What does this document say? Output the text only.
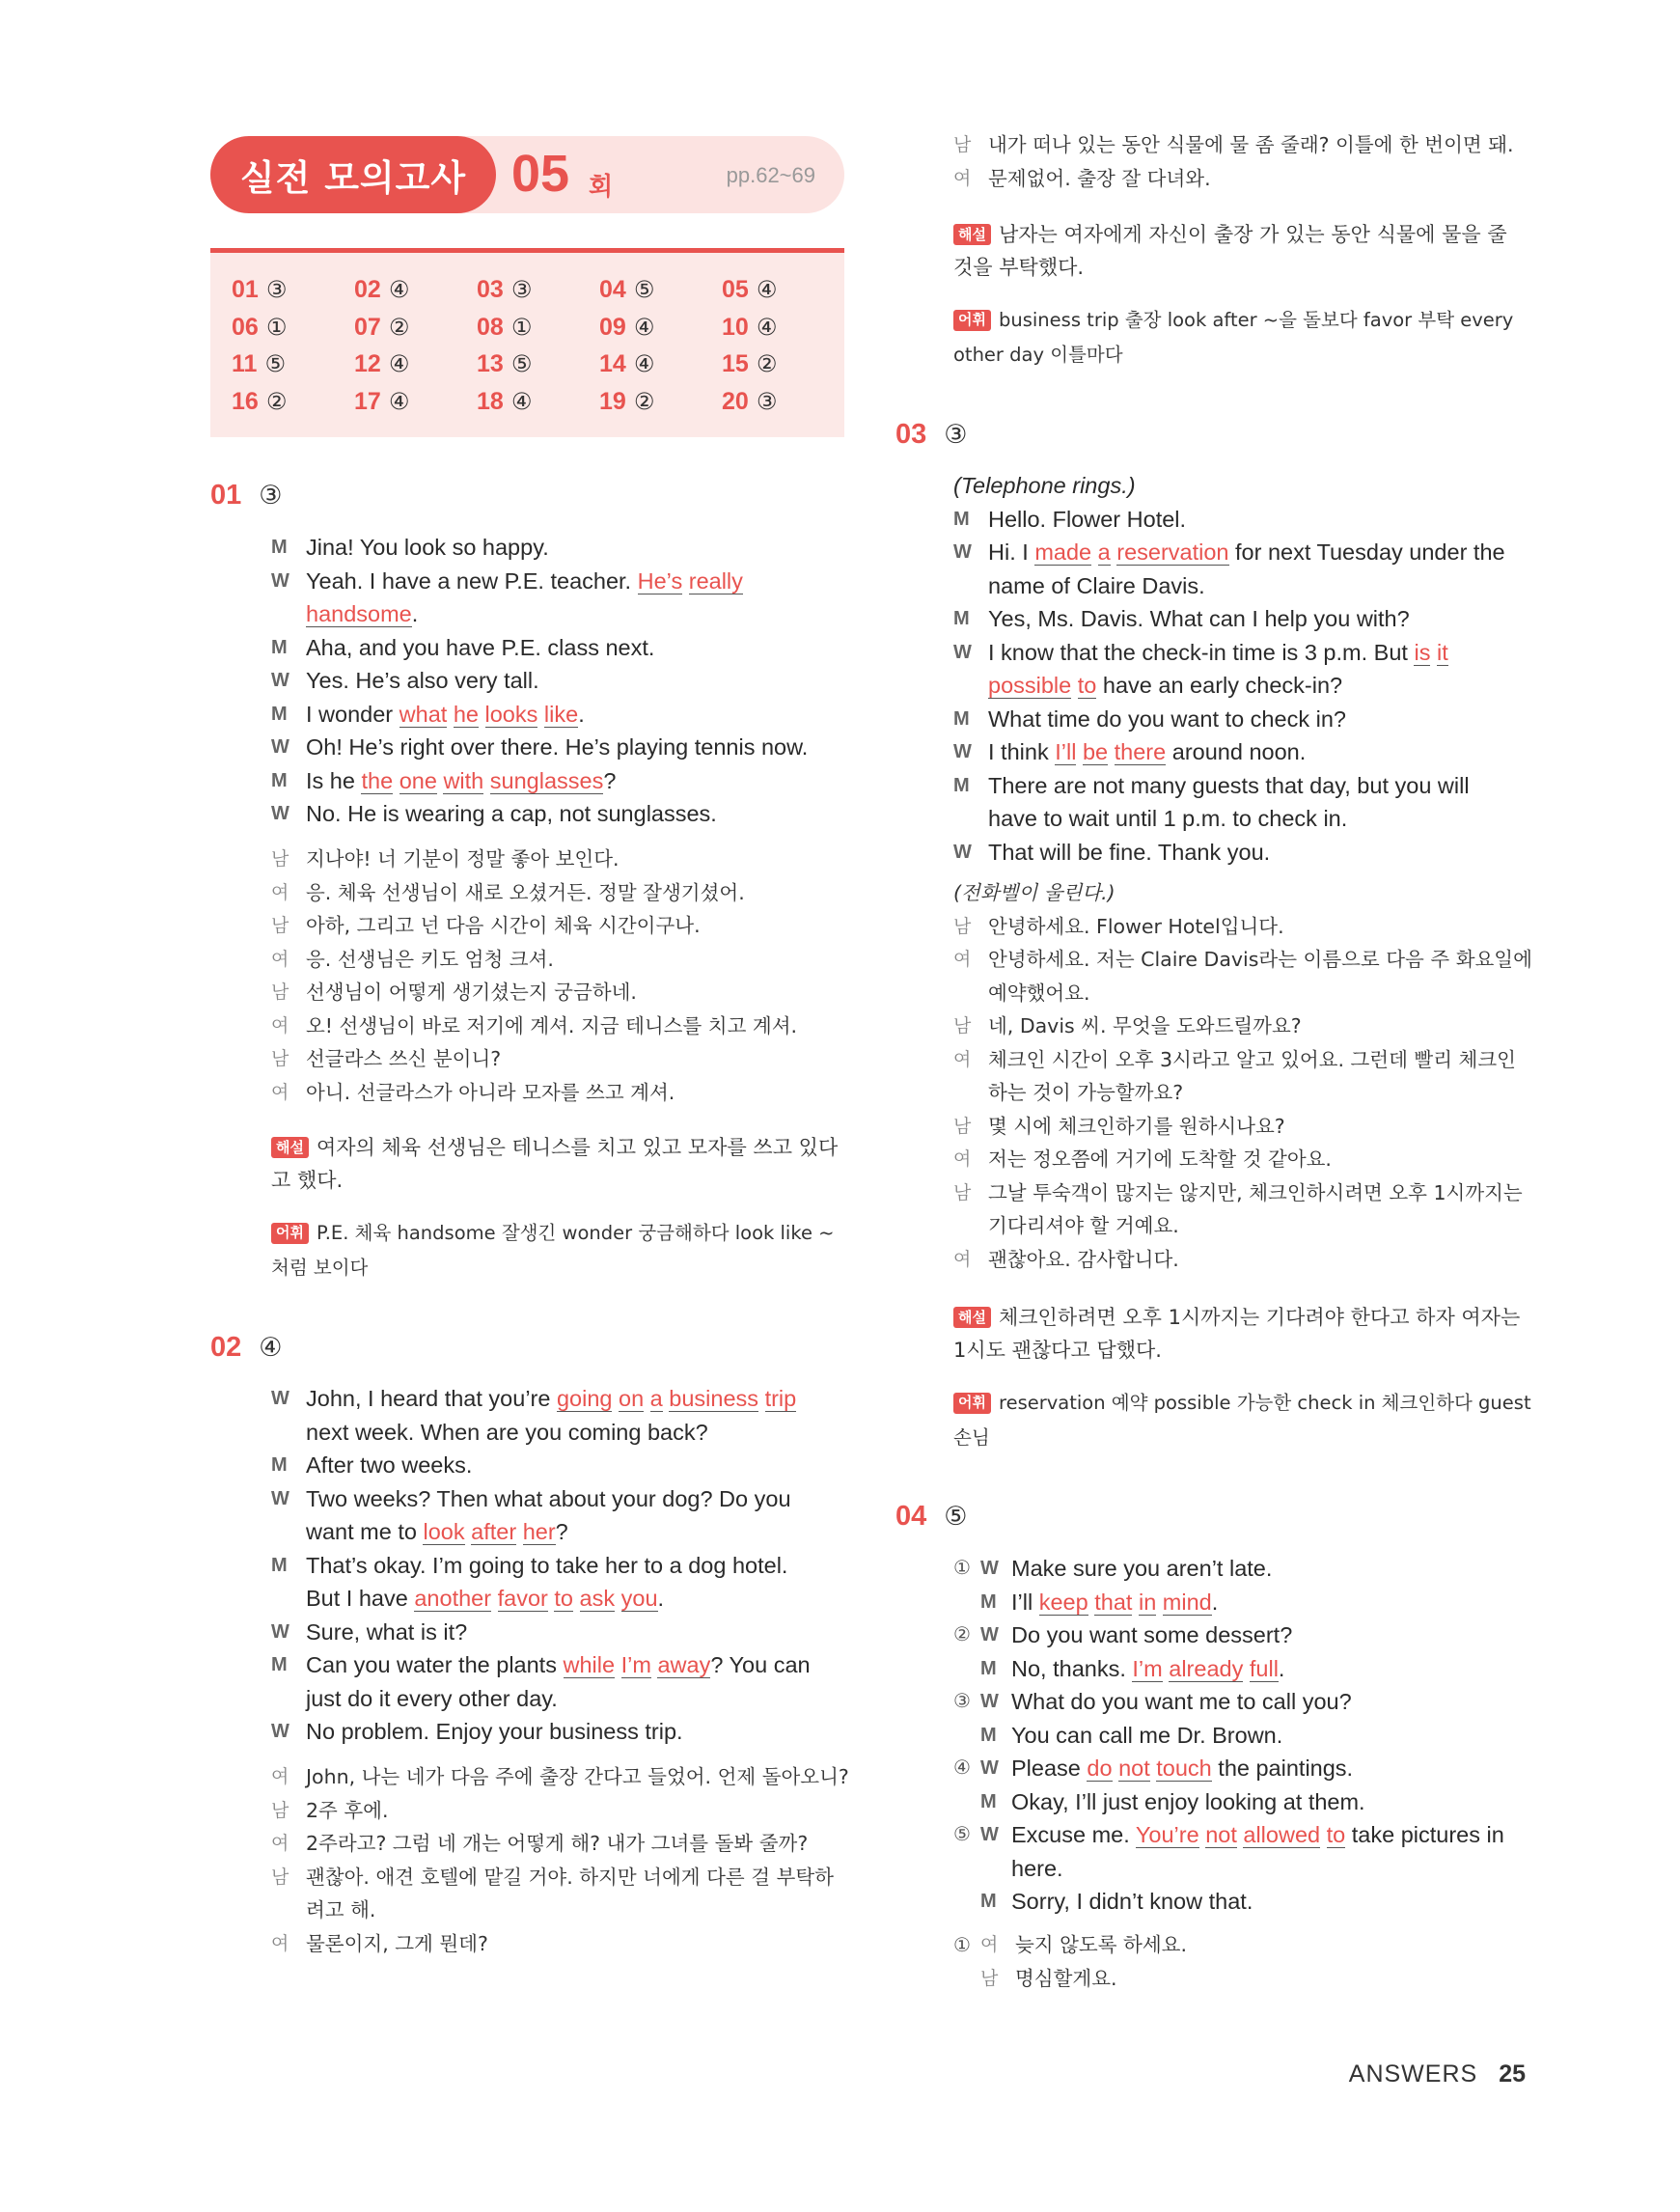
실전 모의고사 05 회	pp.62~69
01 ③	02 ④	03 ③	04 ⑤	05 ④
06 ①	07 ②	08 ①	09 ④	10 ④
11 ⑤	12 ④	13 ⑤	14 ④	15 ②
16 ②	17 ④	18 ④	19 ②	20 ③
01 ③
M Jina! You look so happy.
W Yeah. I have a new P.E. teacher. He’s really
handsome.
M Aha, and you have P.E. class next.
W Yes. He’s also very tall.
M I wonder what he looks like.
W Oh! He’s right over there. He’s playing tennis now.
M Is he the one with sunglasses?
W No. He is wearing a cap, not sunglasses.
남 지나야! 너 기분이 정말 좋아 보인다.
여 응. 체육 선생님이 새로 오셨거든. 정말 잘생기셨어.
남 아하, 그리고 넌 다음 시간이 체육 시간이구나.
여 응. 선생님은 키도 엄청 크셔.
남 선생님이 어떻게 생기셨는지 궁금하네.
여 오! 선생님이 바로 저기에 계셔. 지금 테니스를 치고 계셔.
남 선글라스 쓰신 분이니?
여 아니. 선글라스가 아니라 모자를 쓰고 계셔.
해설 여자의 체육 선생님은 테니스를 치고 있고 모자를 쓰고 있다고 했다.
어휘 P.E. 체육 handsome 잘생긴 wonder 궁금해하다 look like ~처럼 보이다
02 ④
W John, I heard that you’re going on a business trip
next week. When are you coming back?
M After two weeks.
W Two weeks? Then what about your dog? Do you
want me to look after her?
M That’s okay. I’m going to take her to a dog hotel.
But I have another favor to ask you.
W Sure, what is it?
M Can you water the plants while I’m away? You can
just do it every other day.
W No problem. Enjoy your business trip.
여 John, 나는 네가 다음 주에 출장 간다고 들었어. 언제 돌아오니?
남 2주 후에.
여 2주라고? 그럼 네 개는 어떻게 해? 내가 그녀를 돌봐 줄까?
남 괜찮아. 애견 호텔에 맡길 거야. 하지만 너에게 다른 걸 부탁하려고 해.
여 물론이지, 그게 뭔데?
남 내가 떠나 있는 동안 식물에 물 좀 줄래? 이틀에 한 번이면 돼.
여 문제없어. 출장 잘 다녀와.
해설 남자는 여자에게 자신이 출장 가 있는 동안 식물에 물을 줄 것을 부탁했다.
어휘 business trip 출장 look after ~을 돌보다 favor 부탁 every other day 이틀마다
03 ③
(Telephone rings.)
M Hello. Flower Hotel.
W Hi. I made a reservation for next Tuesday under the
name of Claire Davis.
M Yes, Ms. Davis. What can I help you with?
W I know that the check-in time is 3 p.m. But is it
possible to have an early check-in?
M What time do you want to check in?
W I think I’ll be there around noon.
M There are not many guests that day, but you will
have to wait until 1 p.m. to check in.
W That will be fine. Thank you.
(전화벨이 울린다.)
남 안녕하세요. Flower Hotel입니다.
여 안녕하세요. 저는 Claire Davis라는 이름으로 다음 주 화요일에 예약했어요.
남 네, Davis 씨. 무엇을 도와드릴까요?
여 체크인 시간이 오후 3시라고 알고 있어요. 그런데 빨리 체크인하는 것이 가능할까요?
남 몇 시에 체크인하기를 원하시나요?
여 저는 정오쯤에 거기에 도착할 것 같아요.
남 그날 투숙객이 많지는 않지만, 체크인하시려면 오후 1시까지는 기다리셔야 할 거예요.
여 괜찮아요. 감사합니다.
해설 체크인하려면 오후 1시까지는 기다려야 한다고 하자 여자는 1시도 괜찮다고 답했다.
어휘 reservation 예약 possible 가능한 check in 체크인하다 guest 손님
04 ⑤
① W Make sure you aren’t late.
M I’ll keep that in mind.
② W Do you want some dessert?
M No, thanks. I’m already full.
③ W What do you want me to call you?
M You can call me Dr. Brown.
④ W Please do not touch the paintings.
M Okay, I’ll just enjoy looking at them.
⑤ W Excuse me. You’re not allowed to take pictures in
here.
M Sorry, I didn’t know that.
① 여 늦지 않도록 하세요.
남 명심할게요.
ANSWERS 25
